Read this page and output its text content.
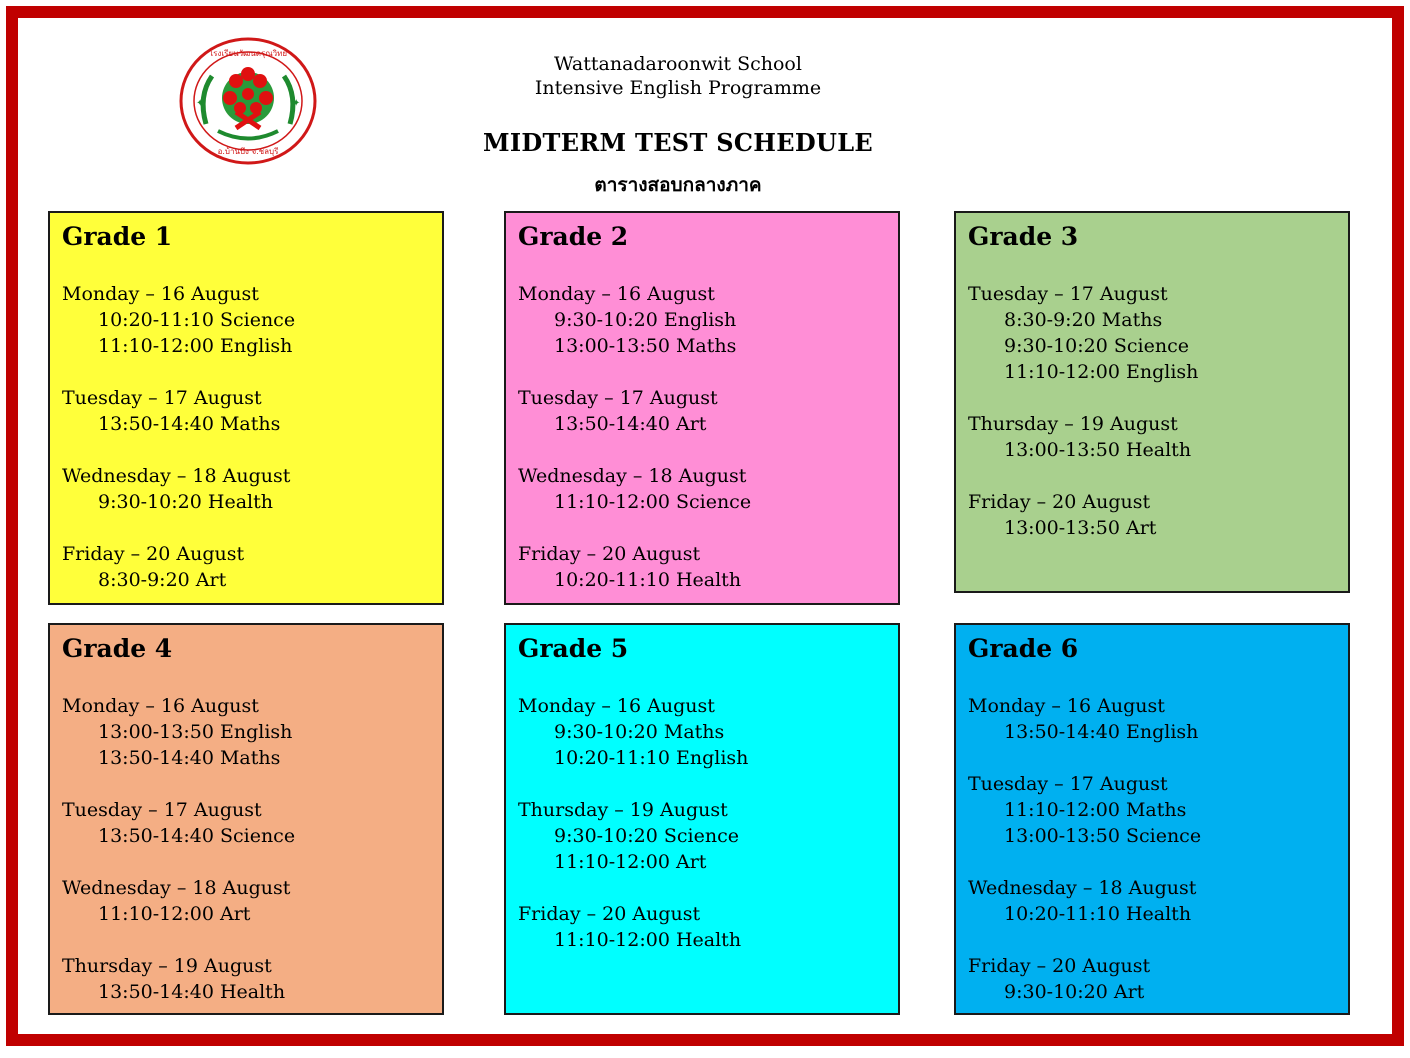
โรงเรียนวัฒนดรุณวิทย์
อ.บ้านบึง จ.ชลบุรี
✦	✦
Wattanadaroonwit School
Intensive English Programme
MIDTERM TEST SCHEDULE
ตารางสอบกลางภาค
Grade 1
Monday – 16 August
10:20-11:10 Science
11:10-12:00 English
Tuesday – 17 August
13:50-14:40 Maths
Wednesday – 18 August
9:30-10:20 Health
Friday – 20 August
8:30-9:20 Art
Grade 2
Monday – 16 August
9:30-10:20 English
13:00-13:50 Maths
Tuesday – 17 August
13:50-14:40 Art
Wednesday – 18 August
11:10-12:00 Science
Friday – 20 August
10:20-11:10 Health
Grade 3
Tuesday – 17 August
8:30-9:20 Maths
9:30-10:20 Science
11:10-12:00 English
Thursday – 19 August
13:00-13:50 Health
Friday – 20 August
13:00-13:50 Art
Grade 4
Monday – 16 August
13:00-13:50 English
13:50-14:40 Maths
Tuesday – 17 August
13:50-14:40 Science
Wednesday – 18 August
11:10-12:00 Art
Thursday – 19 August
13:50-14:40 Health
Grade 5
Monday – 16 August
9:30-10:20 Maths
10:20-11:10 English
Thursday – 19 August
9:30-10:20 Science
11:10-12:00 Art
Friday – 20 August
11:10-12:00 Health
Grade 6
Monday – 16 August
13:50-14:40 English
Tuesday – 17 August
11:10-12:00 Maths
13:00-13:50 Science
Wednesday – 18 August
10:20-11:10 Health
Friday – 20 August
9:30-10:20 Art
